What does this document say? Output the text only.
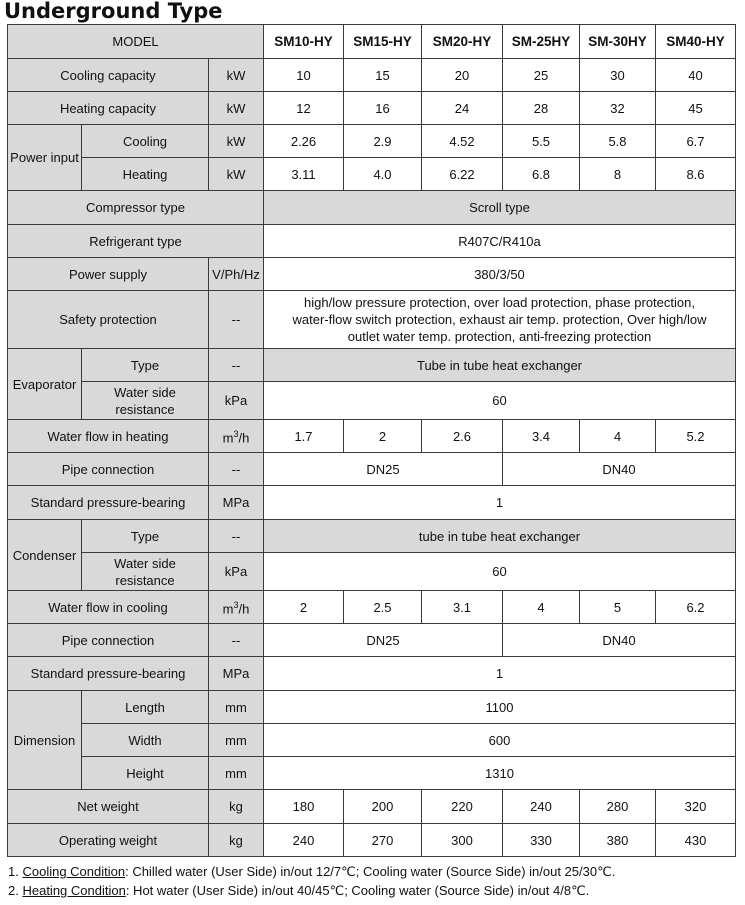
Underground Type
MODEL			SM10-HY	SM15-HY	SM20-HY	SM-25HY	SM-30HY	SM40-HY
Cooling capacity		kW	10	15	20	25	30	40
Heating capacity		kW	12	16	24	28	32	45
Power input	Cooling	kW	2.26	2.9	4.52	5.5	5.8	6.7
	Heating	kW	3.11	4.0	6.22	6.8	8	8.6
Compressor type			Scroll type					
Refrigerant type			R407C/R410a					
Power supply		V/Ph/Hz	380/3/50					
Safety protection		--	high/low pressure protection, over load protection, phase protection,
water-flow switch protection, exhaust air temp. protection, Over high/low
outlet water temp. protection, anti-freezing protection					

Evaporator	Type	--	Tube in tube heat exchanger					

	Water side
resistance	kPa	60					
Water flow in heating		$m^3/h$	1.7	2	2.6	3.4	4	5.2
Pipe connection		--	DN25			DN40		
Standard pressure-bearing		MPa	1					
Condenser	Type	--	tube in tube heat exchanger					

	Water side
resistance	kPa	60					
Water flow in cooling		$m^3/h$	2	2.5	3.1	4	5	6.2
Pipe connection		--	DN25			DN40		
Standard pressure-bearing		MPa	1					
Dimension	Length	mm	1100					
	Width	mm	600					
	Height	mm	1310					
Net weight		kg	180	200	220	240	280	320
Operating weight		kg	240	270	300	330	380	430
1. Cooling Condition: Chilled water (User Side) in/out 12/7℃; Cooling water (Source Side) in/out 25/30℃.
2. Heating Condition: Hot water (User Side) in/out 40/45℃; Cooling water (Source Side) in/out 4/8℃.
